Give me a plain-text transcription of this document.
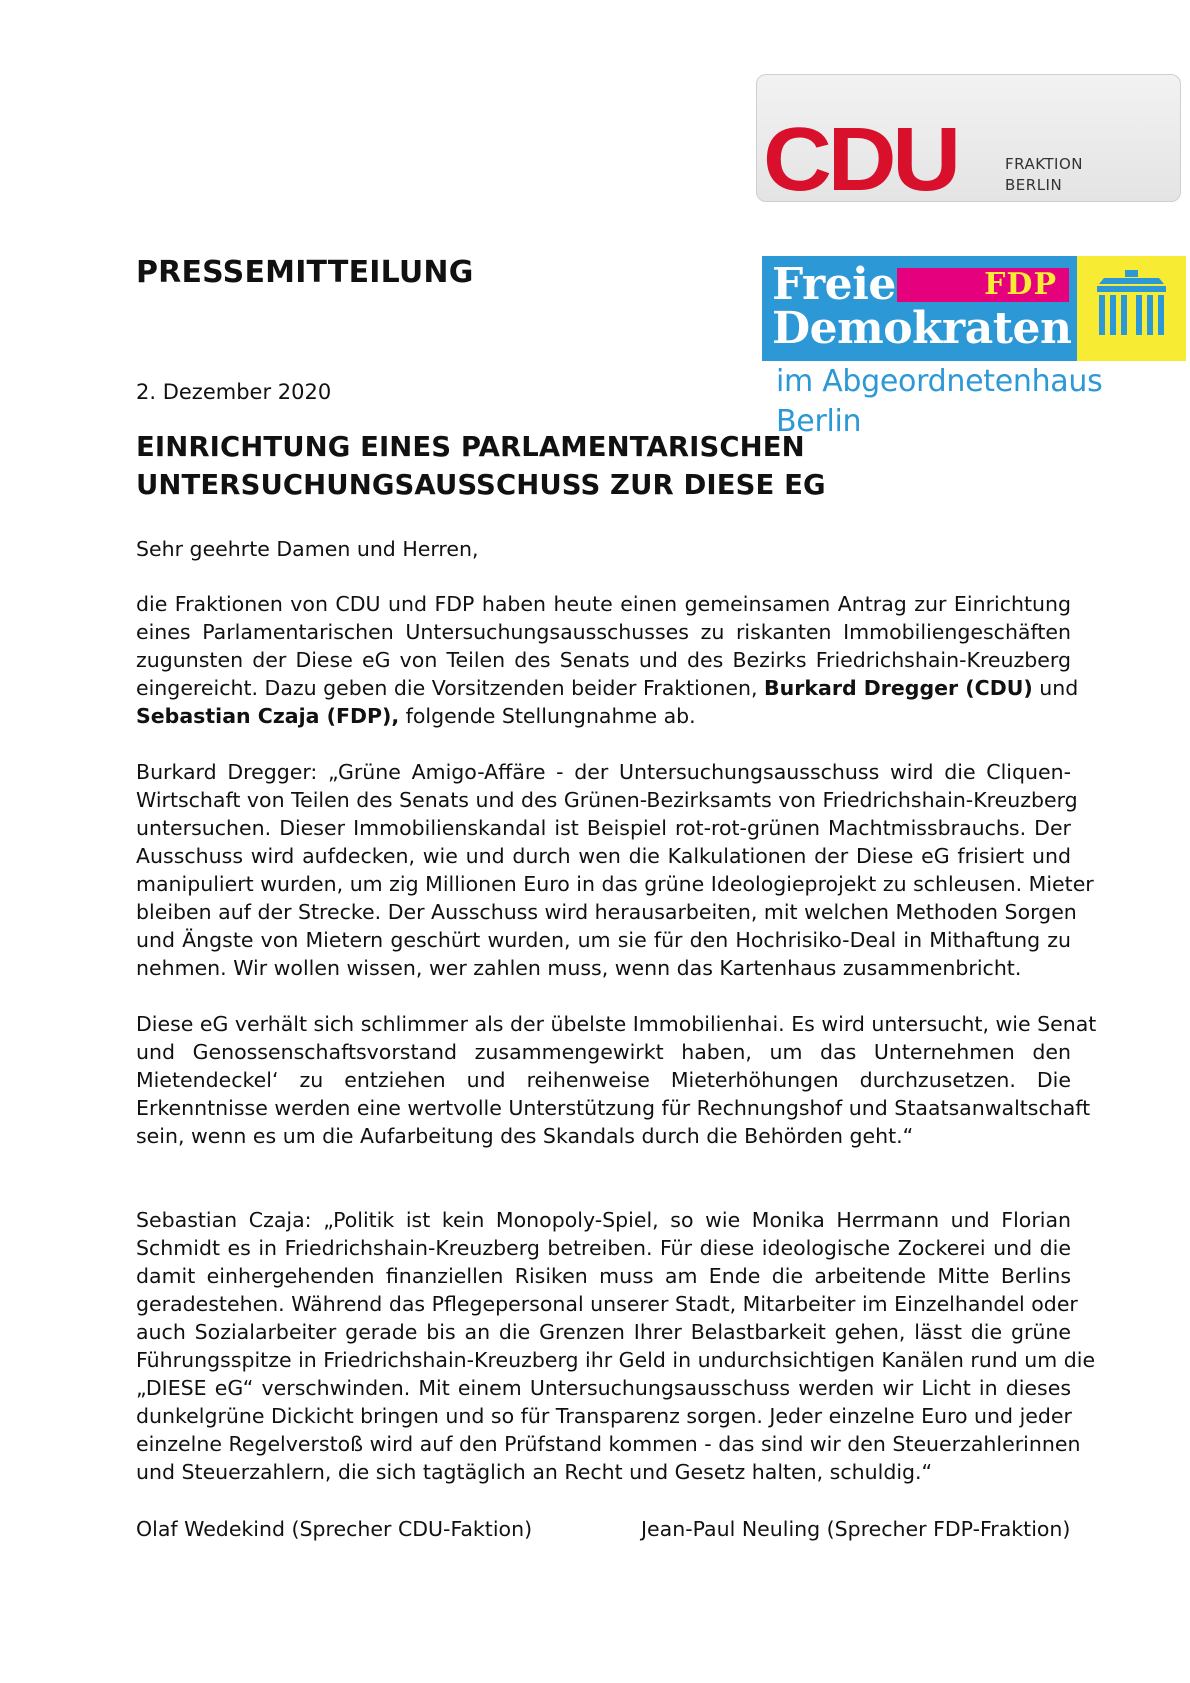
CDU	FRAKTION
BERLIN
Freie	FDP
Demokraten
im Abgeordnetenhaus Berlin
PRESSEMITTEILUNG
2. Dezember 2020
EINRICHTUNG EINES PARLAMENTARISCHEN
UNTERSUCHUNGSAUSSCHUSS ZUR DIESE EG
Sehr geehrte Damen und Herren,
die Fraktionen von CDU und FDP haben heute einen gemeinsamen Antrag zur Einrichtung
eines Parlamentarischen Untersuchungsausschusses zu riskanten Immobiliengeschäften
zugunsten der Diese eG von Teilen des Senats und des Bezirks Friedrichshain-Kreuzberg
eingereicht. Dazu geben die Vorsitzenden beider Fraktionen, Burkard Dregger (CDU) und
Sebastian Czaja (FDP), folgende Stellungnahme ab.
Burkard Dregger: „Grüne Amigo-Affäre - der Untersuchungsausschuss wird die Cliquen-
Wirtschaft von Teilen des Senats und des Grünen-Bezirksamts von Friedrichshain-Kreuzberg
untersuchen. Dieser Immobilienskandal ist Beispiel rot-rot-grünen Machtmissbrauchs. Der
Ausschuss wird aufdecken, wie und durch wen die Kalkulationen der Diese eG frisiert und
manipuliert wurden, um zig Millionen Euro in das grüne Ideologieprojekt zu schleusen. Mieter
bleiben auf der Strecke. Der Ausschuss wird herausarbeiten, mit welchen Methoden Sorgen
und Ängste von Mietern geschürt wurden, um sie für den Hochrisiko-Deal in Mithaftung zu
nehmen. Wir wollen wissen, wer zahlen muss, wenn das Kartenhaus zusammenbricht.
Diese eG verhält sich schlimmer als der übelste Immobilienhai. Es wird untersucht, wie Senat
und Genossenschaftsvorstand zusammengewirkt haben, um das Unternehmen den
Mietendeckel‘ zu entziehen und reihenweise Mieterhöhungen durchzusetzen. Die
Erkenntnisse werden eine wertvolle Unterstützung für Rechnungshof und Staatsanwaltschaft
sein, wenn es um die Aufarbeitung des Skandals durch die Behörden geht.“
Sebastian Czaja: „Politik ist kein Monopoly-Spiel, so wie Monika Herrmann und Florian
Schmidt es in Friedrichshain-Kreuzberg betreiben. Für diese ideologische Zockerei und die
damit einhergehenden finanziellen Risiken muss am Ende die arbeitende Mitte Berlins
geradestehen. Während das Pflegepersonal unserer Stadt, Mitarbeiter im Einzelhandel oder
auch Sozialarbeiter gerade bis an die Grenzen Ihrer Belastbarkeit gehen, lässt die grüne
Führungsspitze in Friedrichshain-Kreuzberg ihr Geld in undurchsichtigen Kanälen rund um die
„DIESE eG“ verschwinden. Mit einem Untersuchungsausschuss werden wir Licht in dieses
dunkelgrüne Dickicht bringen und so für Transparenz sorgen. Jeder einzelne Euro und jeder
einzelne Regelverstoß wird auf den Prüfstand kommen - das sind wir den Steuerzahlerinnen
und Steuerzahlern, die sich tagtäglich an Recht und Gesetz halten, schuldig.“
Olaf Wedekind (Sprecher CDU-Faktion)	Jean-Paul Neuling (Sprecher FDP-Fraktion)
